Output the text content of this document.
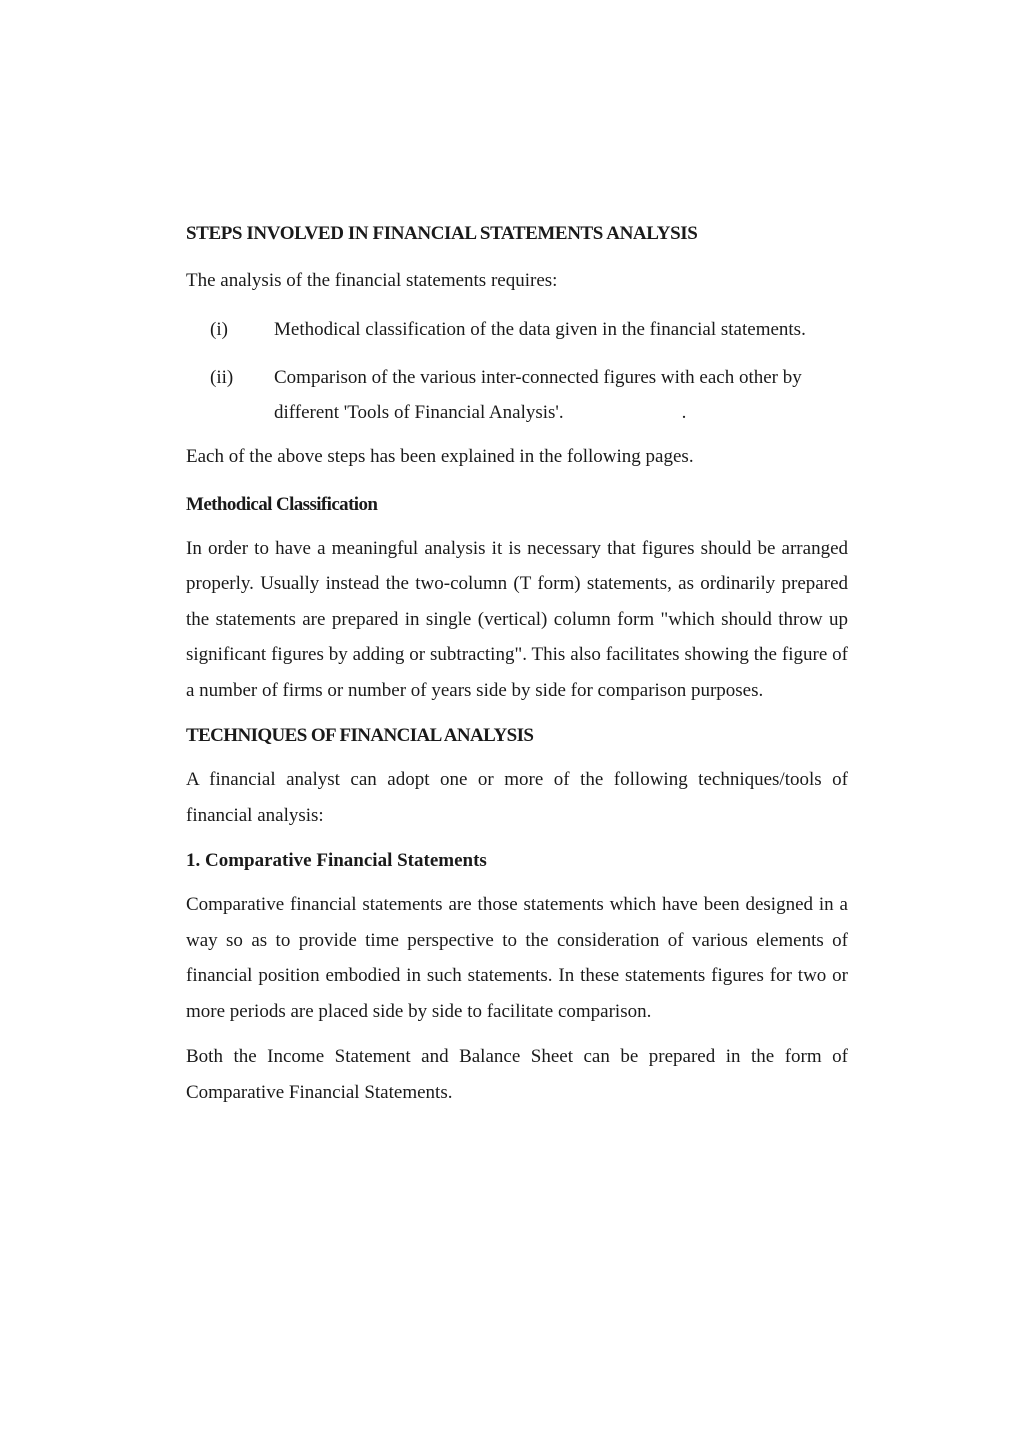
STEPS INVOLVED IN FINANCIAL STATEMENTS ANALYSIS

The analysis of the financial statements requires:

(i)	Methodical classification of the data given in the financial statements.
(ii)	Comparison of the various inter-connected figures with each other by different 'Tools of Financial Analysis'.	.

Each of the above steps has been explained in the following pages.

Methodical Classification

In order to have a meaningful analysis it is necessary that figures should be arranged properly. Usually instead the two-column (T form) statements, as ordinarily prepared the statements are prepared in single (vertical) column form "which should throw up significant figures by adding or subtracting". This also facilitates showing the figure of a number of firms or number of years side by side for comparison purposes.

TECHNIQUES OF FINANCIAL ANALYSIS

A financial analyst can adopt one or more of the following techniques/tools of financial analysis:

1. Comparative Financial Statements

Comparative financial statements are those statements which have been designed in a way so as to provide time perspective to the consideration of various elements of financial position embodied in such statements. In these statements figures for two or more periods are placed side by side to facilitate comparison.

Both the Income Statement and Balance Sheet can be prepared in the form of Comparative Financial Statements.
